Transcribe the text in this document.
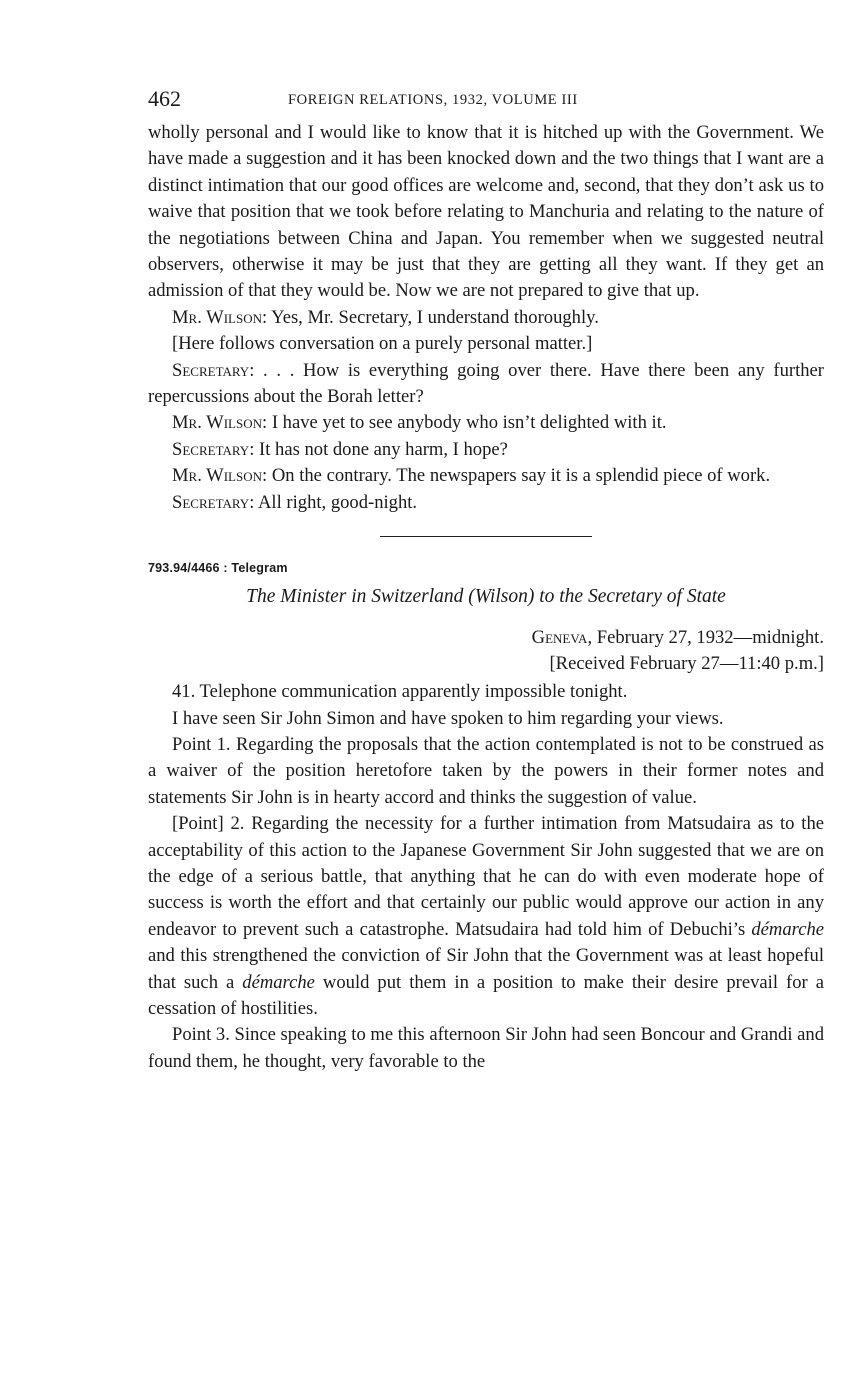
462	FOREIGN RELATIONS, 1932, VOLUME III

wholly personal and I would like to know that it is hitched up with the Government. We have made a suggestion and it has been knocked down and the two things that I want are a distinct intimation that our good offices are welcome and, second, that they don’t ask us to waive that position that we took before relating to Manchuria and relating to the nature of the negotiations between China and Japan. You remember when we suggested neutral observers, otherwise it may be just that they are getting all they want. If they get an admission of that they would be. Now we are not prepared to give that up.

Mr. Wilson: Yes, Mr. Secretary, I understand thoroughly.

[Here follows conversation on a purely personal matter.]

Secretary: . . . How is everything going over there. Have there been any further repercussions about the Borah letter?

Mr. Wilson: I have yet to see anybody who isn’t delighted with it.

Secretary: It has not done any harm, I hope?

Mr. Wilson: On the contrary. The newspapers say it is a splendid piece of work.

Secretary: All right, good-night.

793.94/4466 : Telegram
The Minister in Switzerland (Wilson) to the Secretary of State
Geneva, February 27, 1932—midnight.
[Received February 27—11:40 p.m.]

41. Telephone communication apparently impossible tonight.

I have seen Sir John Simon and have spoken to him regarding your views.

Point 1. Regarding the proposals that the action contemplated is not to be construed as a waiver of the position heretofore taken by the powers in their former notes and statements Sir John is in hearty accord and thinks the suggestion of value.

[Point] 2. Regarding the necessity for a further intimation from Matsudaira as to the acceptability of this action to the Japanese Government Sir John suggested that we are on the edge of a serious battle, that anything that he can do with even moderate hope of success is worth the effort and that certainly our public would approve our action in any endeavor to prevent such a catastrophe. Matsudaira had told him of Debuchi’s démarche and this strengthened the conviction of Sir John that the Government was at least hopeful that such a démarche would put them in a position to make their desire prevail for a cessation of hostilities.

Point 3. Since speaking to me this afternoon Sir John had seen Boncour and Grandi and found them, he thought, very favorable to the
